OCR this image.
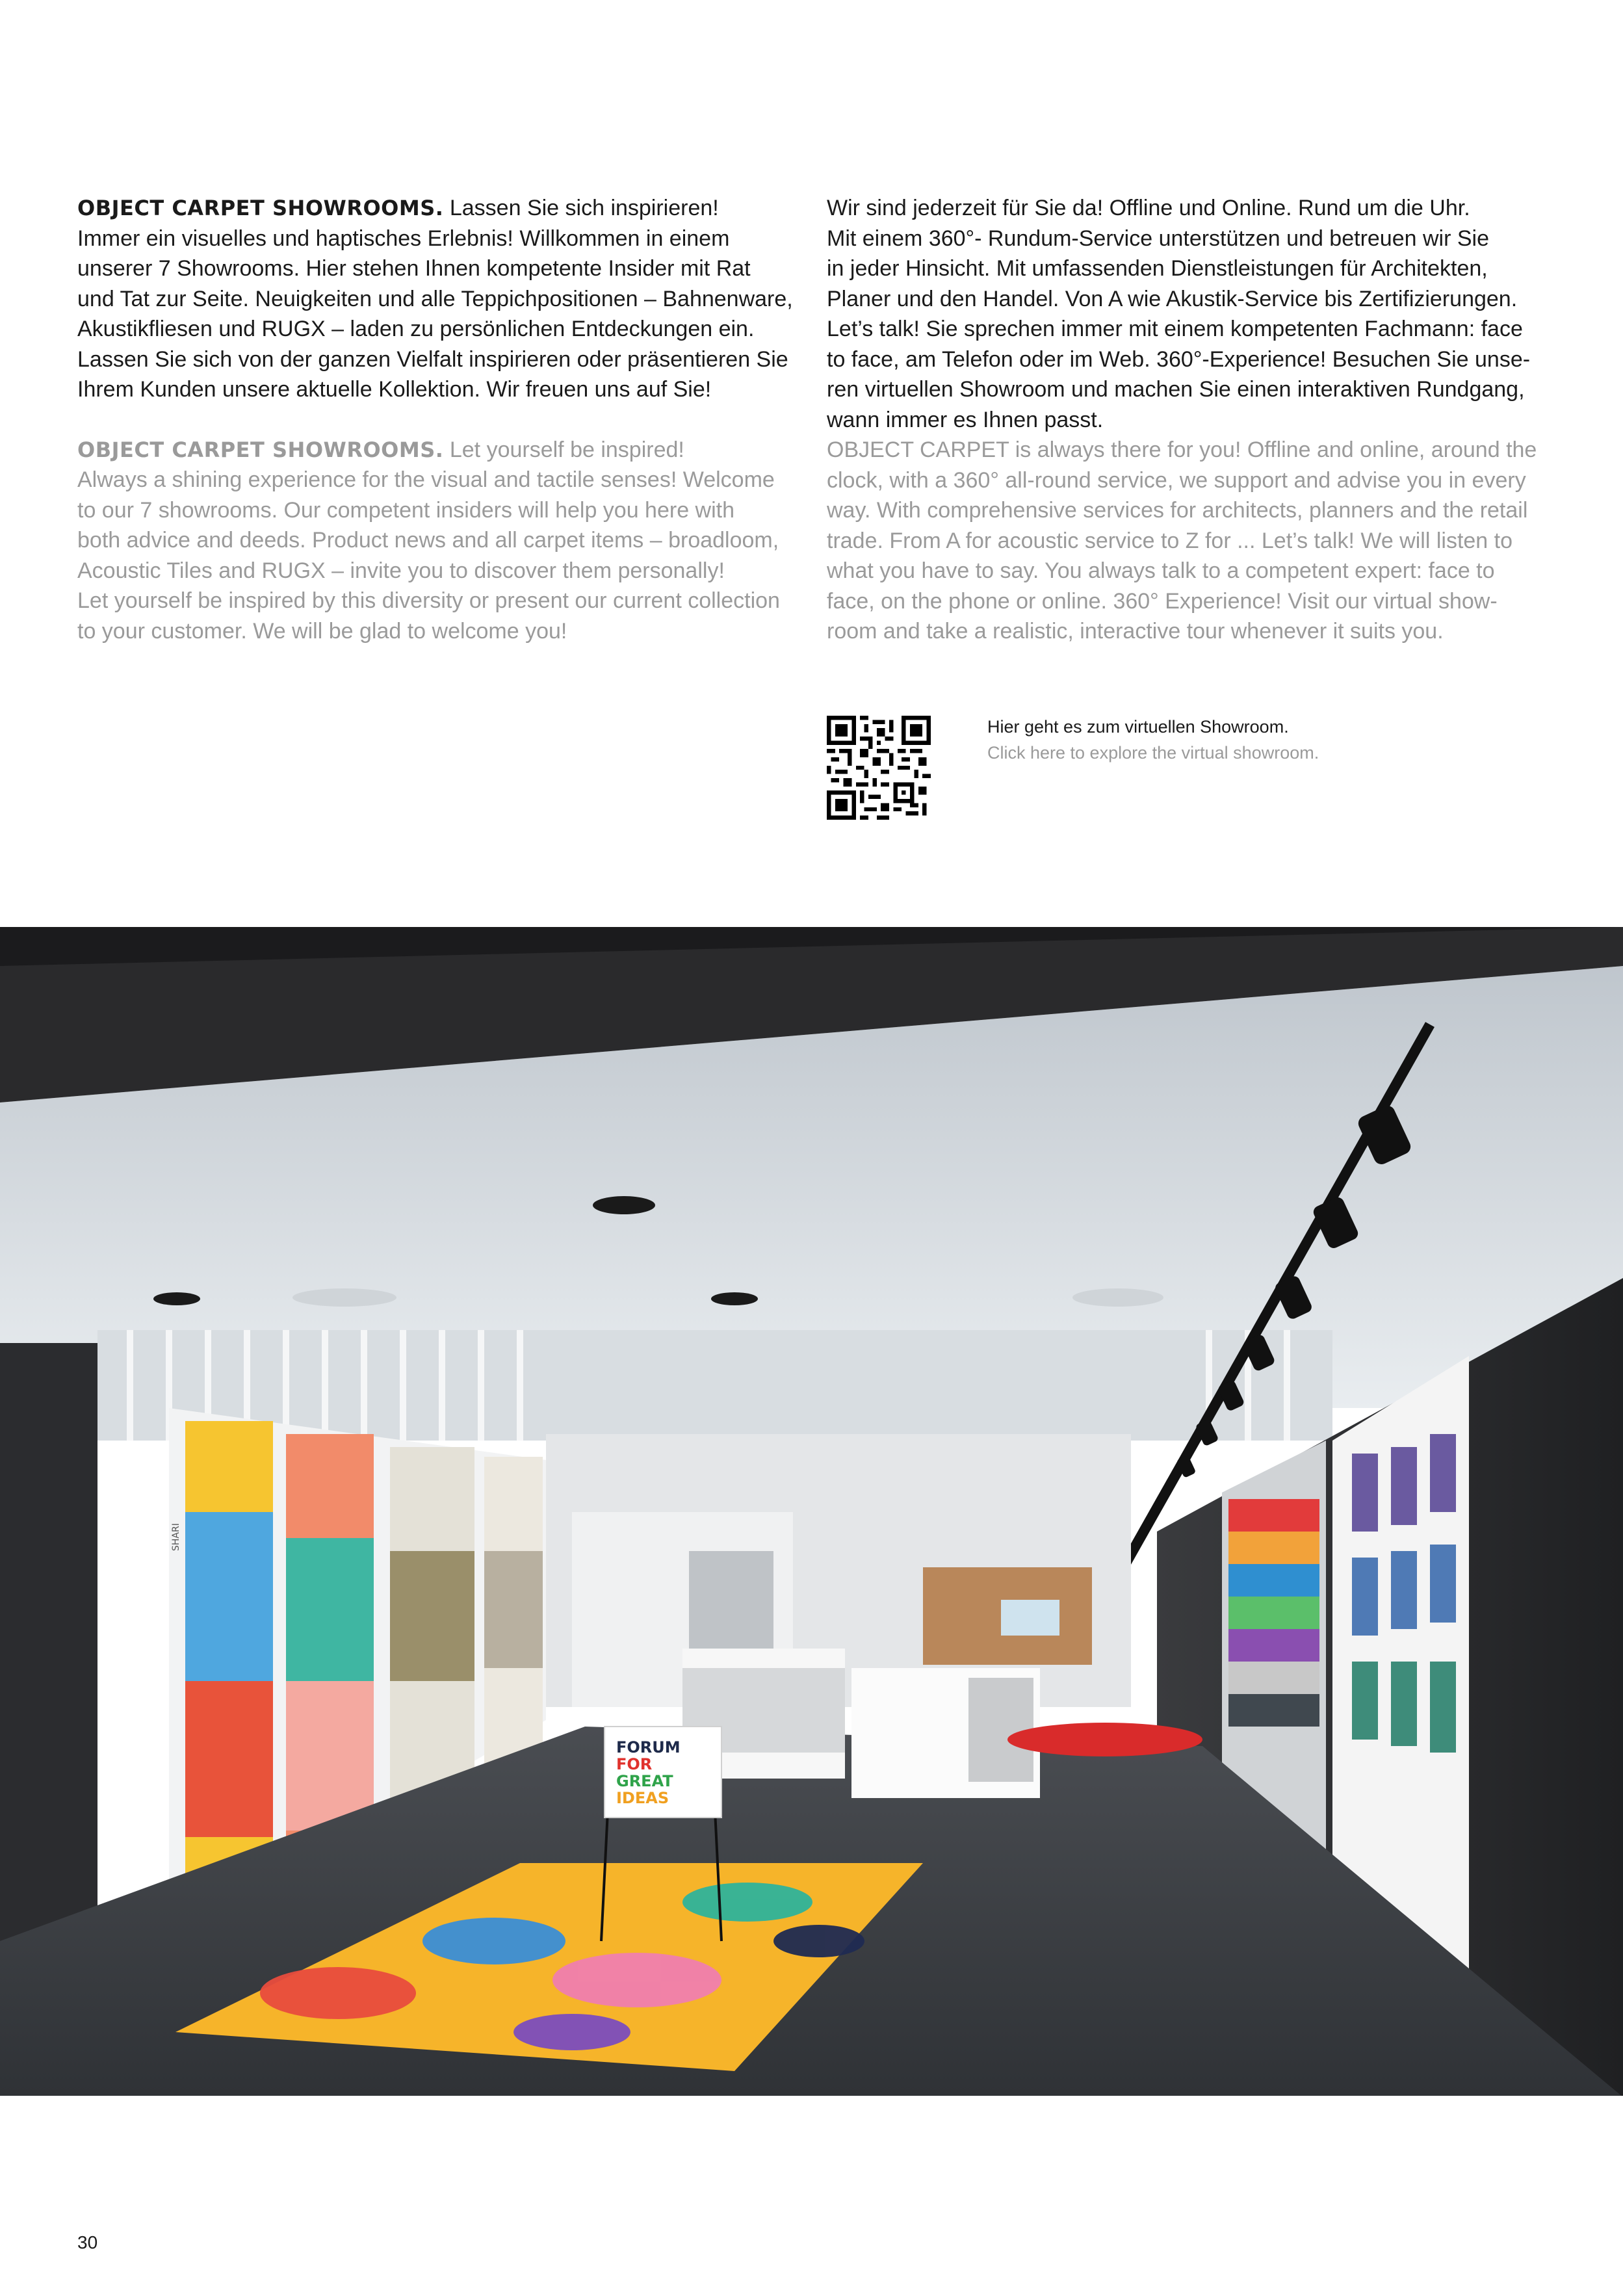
OBJECT CARPET SHOWROOMS. Lassen Sie sich inspirieren!
Immer ein visuelles und haptisches Erlebnis! Willkommen in einem
unserer 7 Showrooms. Hier stehen Ihnen kompetente Insider mit Rat
und Tat zur Seite. Neuigkeiten und alle Teppichpositionen – Bahnenware,
Akustikfliesen und RUGX – laden zu persönlichen Entdeckungen ein.
Lassen Sie sich von der ganzen Vielfalt inspirieren oder präsentieren Sie
Ihrem Kunden unsere aktuelle Kollektion. Wir freuen uns auf Sie!

OBJECT CARPET SHOWROOMS. Let yourself be inspired!
Always a shining experience for the visual and tactile senses! Welcome
to our 7 showrooms. Our competent insiders will help you here with
both advice and deeds. Product news and all carpet items – broadloom,
Acoustic Tiles and RUGX – invite you to discover them personally!
Let yourself be inspired by this diversity or present our current collection
to your customer. We will be glad to welcome you!

Wir sind jederzeit für Sie da! Offline und Online. Rund um die Uhr.
Mit einem 360°- Rundum-Service unterstützen und betreuen wir Sie
in jeder Hinsicht. Mit umfassenden Dienstleistungen für Architekten,
Planer und den Handel. Von A wie Akustik-Service bis Zertifizierungen.
Let’s talk! Sie sprechen immer mit einem kompetenten Fachmann: face
to face, am Telefon oder im Web. 360°-Experience! Besuchen Sie unse-
ren virtuellen Showroom und machen Sie einen interaktiven Rundgang,
wann immer es Ihnen passt.

OBJECT CARPET is always there for you! Offline and online, around the
clock, with a 360° all-round service, we support and advise you in every
way. With comprehensive services for architects, planners and the retail
trade. From A for acoustic service to Z for ... Let’s talk! We will listen to
what you have to say. You always talk to a competent expert: face to
face, on the phone or online. 360° Experience! Visit our virtual show-
room and take a realistic, interactive tour whenever it suits you.

Hier geht es zum virtuellen Showroom.
Click here to explore the virtual showroom.
SHARI
FORUM
FOR
GREAT
IDEAS
30
